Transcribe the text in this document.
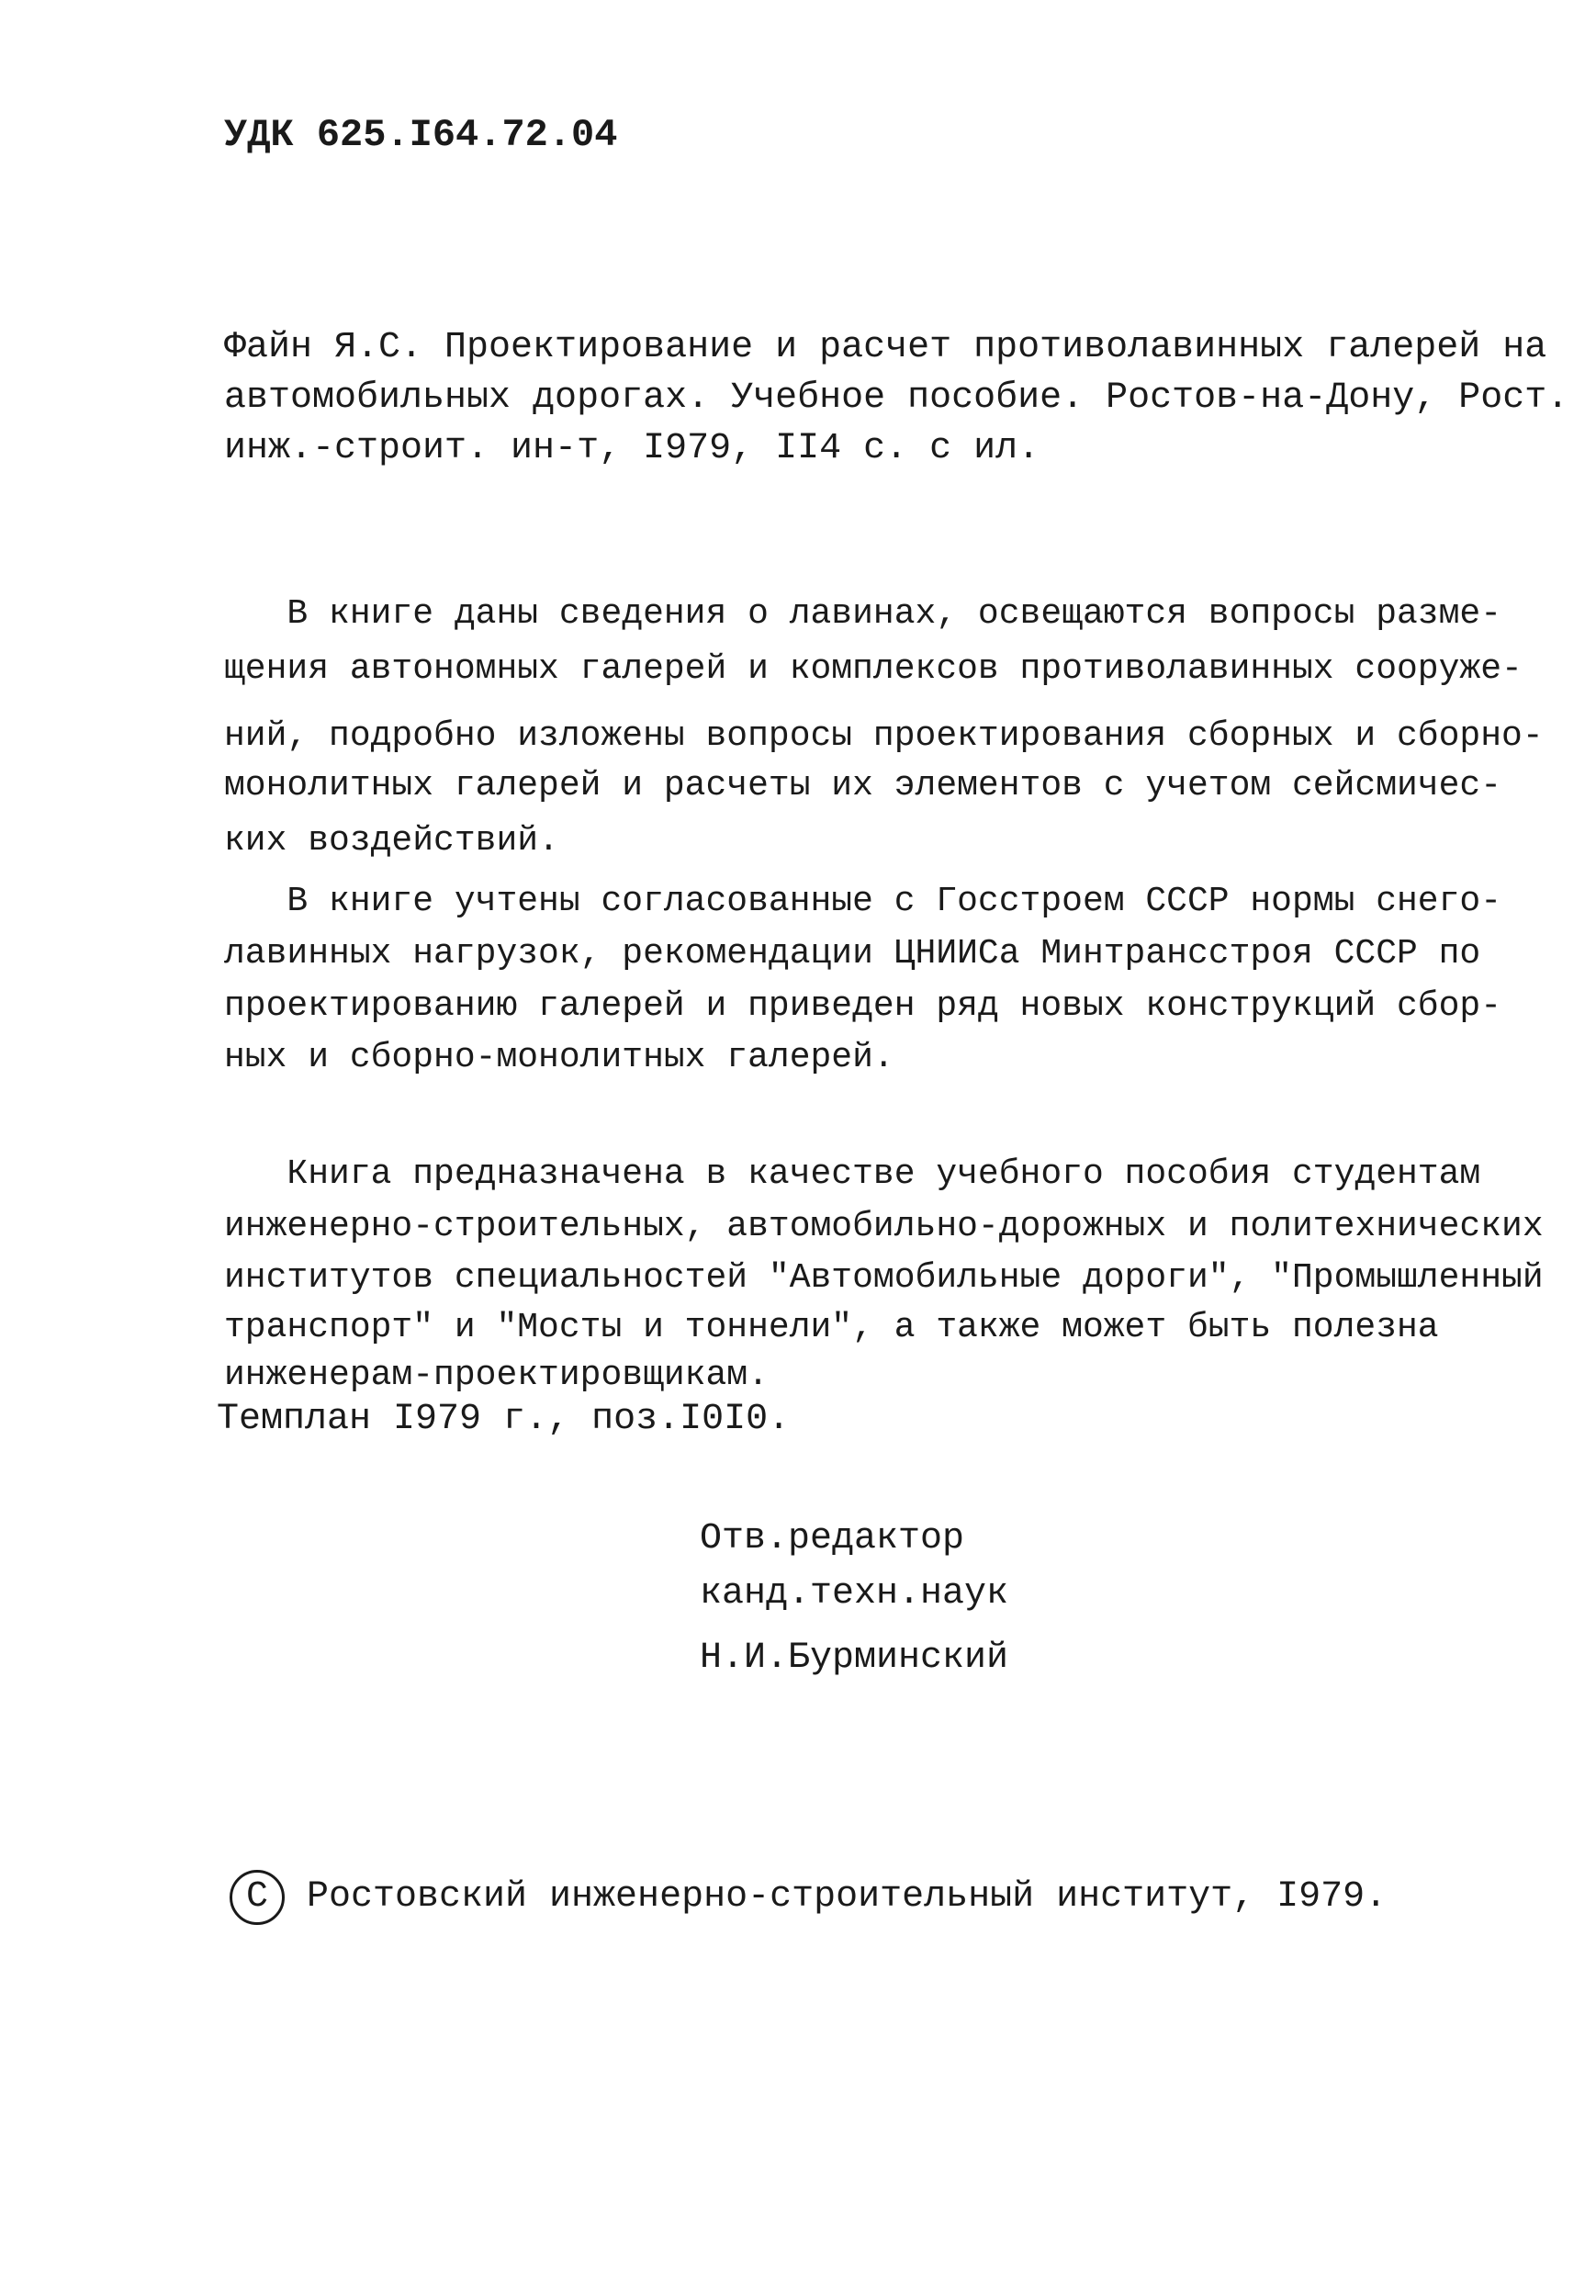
УДК 625.I64.72.04
Файн Я.С. Проектирование и расчет противолавинных галерей на
автомобильных дорогах. Учебное пособие. Ростов-на-Дону, Рост.
инж.-строит. ин-т, I979, II4 с. с ил.
В книге даны сведения о лавинах, освещаются вопросы разме-
щения автономных галерей и комплексов противолавинных сооруже-
ний, подробно изложены вопросы проектирования сборных и сборно-
монолитных галерей и расчеты их элементов с учетом сейсмичес-
ких воздействий.
В книге учтены согласованные с Госстроем СССР нормы снего-
лавинных нагрузок, рекомендации ЦНИИСа Минтрансстроя СССР по
проектированию галерей и приведен ряд новых конструкций сбор-
ных и сборно-монолитных галерей.
Книга предназначена в качестве учебного пособия студентам
инженерно-строительных, автомобильно-дорожных и политехнических
институтов специальностей "Автомобильные дороги", "Промышленный
транспорт" и "Мосты и тоннели", а также может быть полезна
инженерам-проектировщикам.
Темплан I979 г., поз.I0I0.
Отв.редактор
канд.техн.наук
Н.И.Бурминский
С Ростовский инженерно-строительный институт, I979.
